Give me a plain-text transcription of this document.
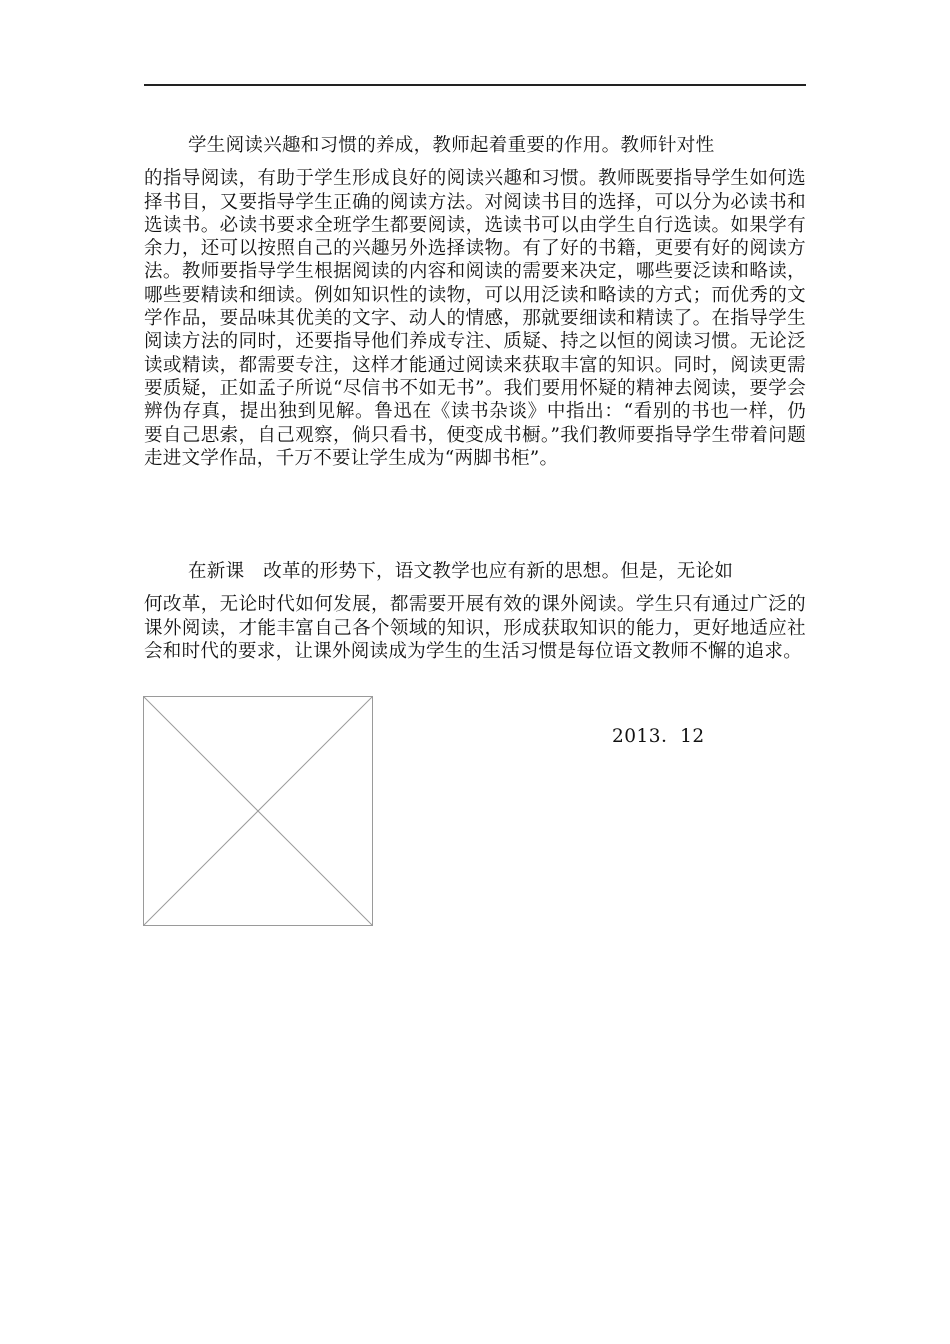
学生阅读兴趣和习惯的养成，教师起着重要的作用。教师针对性
的指导阅读，有助于学生形成良好的阅读兴趣和习惯。教师既要指导学生如何选择书目，又要指导学生正确的阅读方法。对阅读书目的选择，可以分为必读书和选读书。必读书要求全班学生都要阅读，选读书可以由学生自行选读。如果学有余力，还可以按照自己的兴趣另外选择读物。有了好的书籍，更要有好的阅读方法。教师要指导学生根据阅读的内容和阅读的需要来决定，哪些要泛读和略读，哪些要精读和细读。例如知识性的读物，可以用泛读和略读的方式；而优秀的文学作品，要品味其优美的文字、动人的情感，那就要细读和精读了。在指导学生阅读方法的同时，还要指导他们养成专注、质疑、持之以恒的阅读习惯。无论泛读或精读，都需要专注，这样才能通过阅读来获取丰富的知识。同时，阅读更需要质疑，正如孟子所说“尽信书不如无书”。我们要用怀疑的精神去阅读，要学会辨伪存真，提出独到见解。鲁迅在《读书杂谈》中指出：“看别的书也一样，仍要自己思索，自己观察，倘只看书，便变成书橱。”我们教师要指导学生带着问题走进文学作品，千万不要让学生成为“两脚书柜”。
在新课　改革的形势下，语文教学也应有新的思想。但是，无论如
何改革，无论时代如何发展，都需要开展有效的课外阅读。学生只有通过广泛的课外阅读，才能丰富自己各个领域的知识，形成获取知识的能力，更好地适应社会和时代的要求，让课外阅读成为学生的生活习惯是每位语文教师不懈的追求。
2013．12
